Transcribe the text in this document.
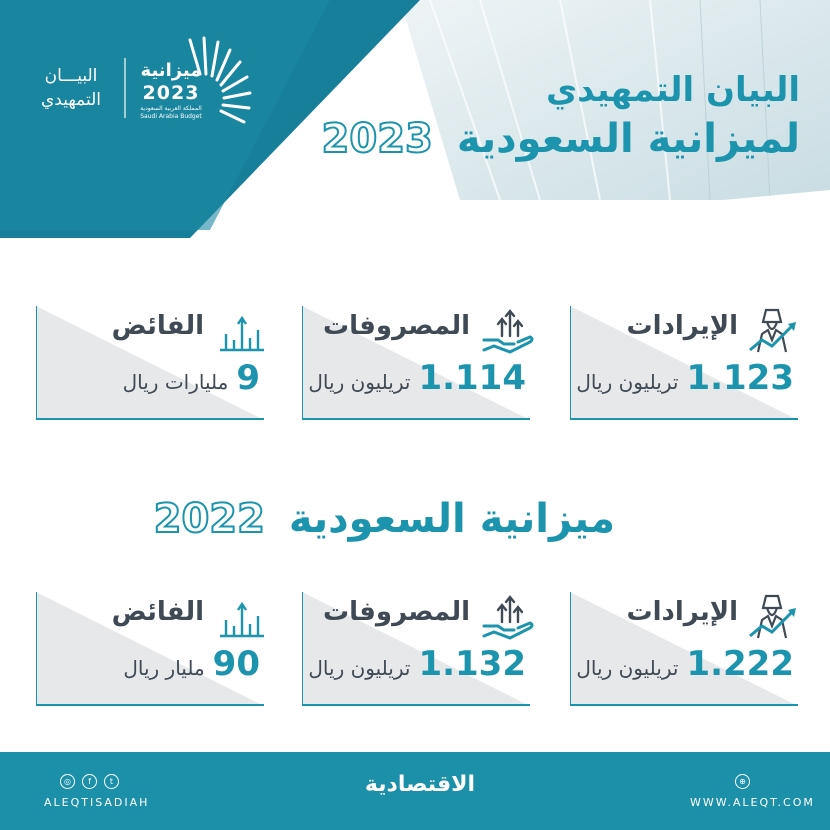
البيـــان
التمهيدي
ميزانية
2023
المملكة العربية السعودية
Saudi Arabia Budget
البيان التمهيدي
لميزانية السعودية 2023
الإيرادات
1.123تريليون ريال
المصروفات
1.114تريليون ريال
الفائض
9مليارات ريال
ميزانية السعودية 2022
الإيرادات
1.222تريليون ريال
المصروفات
1.132تريليون ريال
الفائض
90مليار ريال
◎	f	t
ALEQTISADIAH
الاقتصادية	⊕
WWW.ALEQT.COM
